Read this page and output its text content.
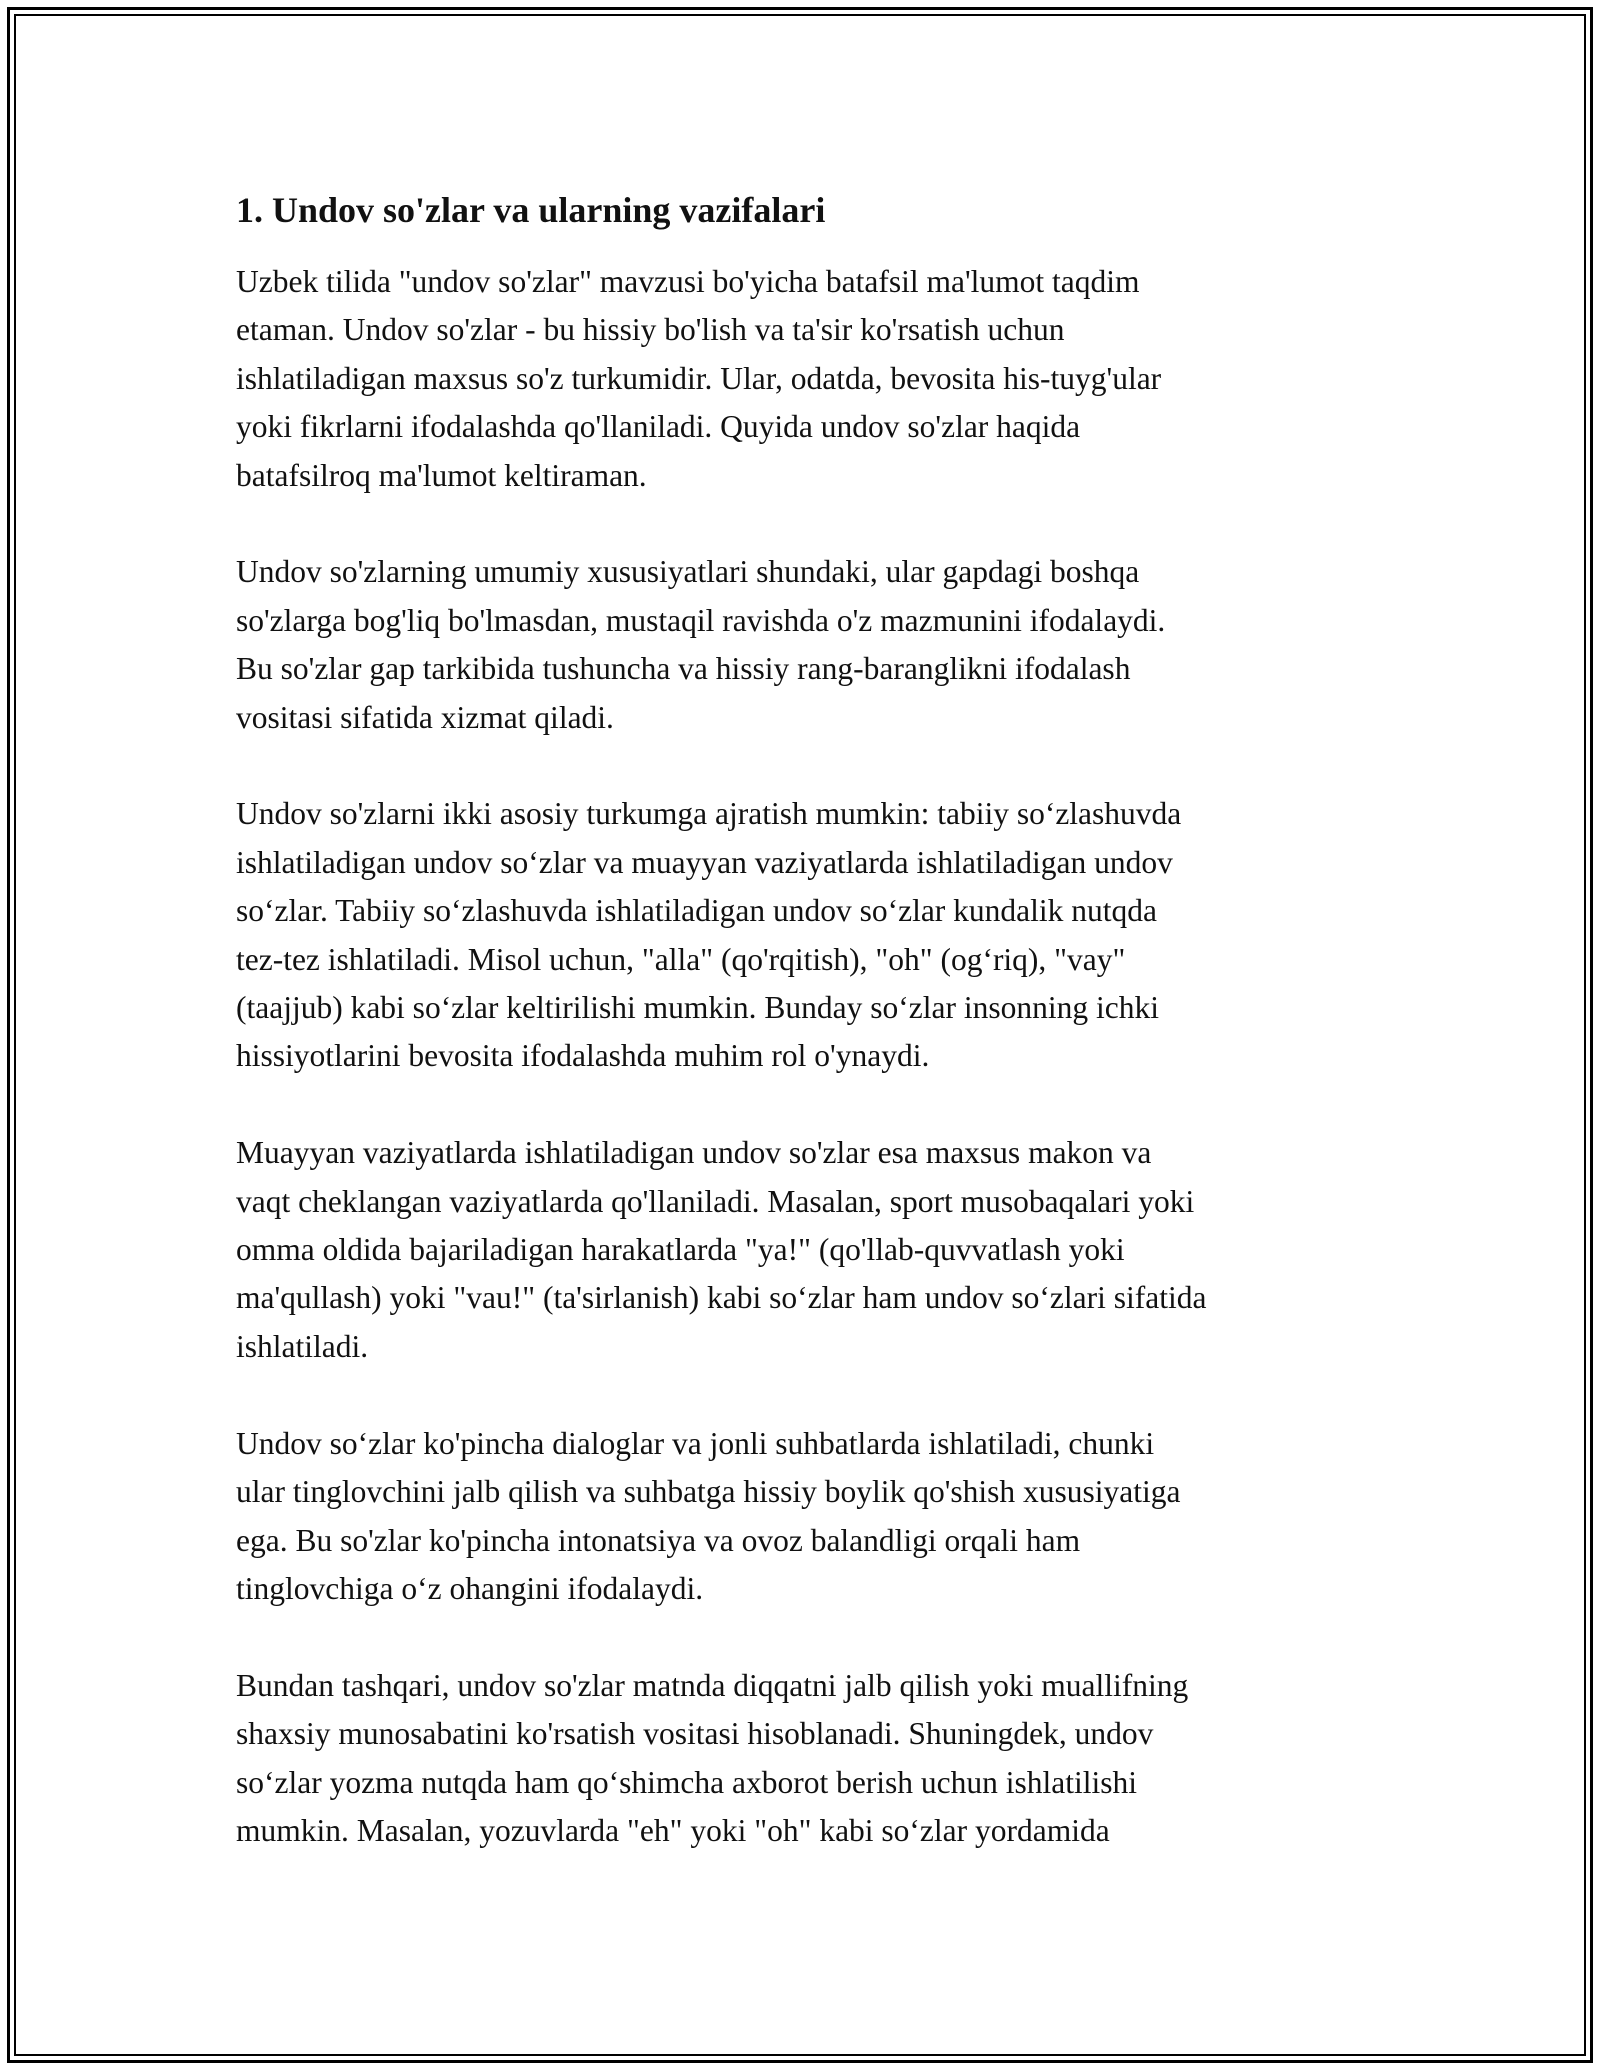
1. Undov so'zlar va ularning vazifalari

Uzbek tilida "undov so'zlar" mavzusi bo'yicha batafsil ma'lumot taqdim
etaman. Undov so'zlar - bu hissiy bo'lish va ta'sir ko'rsatish uchun
ishlatiladigan maxsus so'z turkumidir. Ular, odatda, bevosita his-tuyg'ular
yoki fikrlarni ifodalashda qo'llaniladi. Quyida undov so'zlar haqida
batafsilroq ma'lumot keltiraman.

Undov so'zlarning umumiy xususiyatlari shundaki, ular gapdagi boshqa
so'zlarga bog'liq bo'lmasdan, mustaqil ravishda o'z mazmunini ifodalaydi.
Bu so'zlar gap tarkibida tushuncha va hissiy rang-baranglikni ifodalash
vositasi sifatida xizmat qiladi.

Undov so'zlarni ikki asosiy turkumga ajratish mumkin: tabiiy soʻzlashuvda
ishlatiladigan undov soʻzlar va muayyan vaziyatlarda ishlatiladigan undov
soʻzlar. Tabiiy soʻzlashuvda ishlatiladigan undov soʻzlar kundalik nutqda
tez-tez ishlatiladi. Misol uchun, "alla" (qo'rqitish), "oh" (ogʻriq), "vay"
(taajjub) kabi soʻzlar keltirilishi mumkin. Bunday soʻzlar insonning ichki
hissiyotlarini bevosita ifodalashda muhim rol o'ynaydi.

Muayyan vaziyatlarda ishlatiladigan undov so'zlar esa maxsus makon va
vaqt cheklangan vaziyatlarda qo'llaniladi. Masalan, sport musobaqalari yoki
omma oldida bajariladigan harakatlarda "ya!" (qo'llab-quvvatlash yoki
ma'qullash) yoki "vau!" (ta'sirlanish) kabi soʻzlar ham undov soʻzlari sifatida
ishlatiladi.

Undov soʻzlar ko'pincha dialoglar va jonli suhbatlarda ishlatiladi, chunki
ular tinglovchini jalb qilish va suhbatga hissiy boylik qo'shish xususiyatiga
ega. Bu so'zlar ko'pincha intonatsiya va ovoz balandligi orqali ham
tinglovchiga oʻz ohangini ifodalaydi.

Bundan tashqari, undov so'zlar matnda diqqatni jalb qilish yoki muallifning
shaxsiy munosabatini ko'rsatish vositasi hisoblanadi. Shuningdek, undov
soʻzlar yozma nutqda ham qoʻshimcha axborot berish uchun ishlatilishi
mumkin. Masalan, yozuvlarda "eh" yoki "oh" kabi soʻzlar yordamida
